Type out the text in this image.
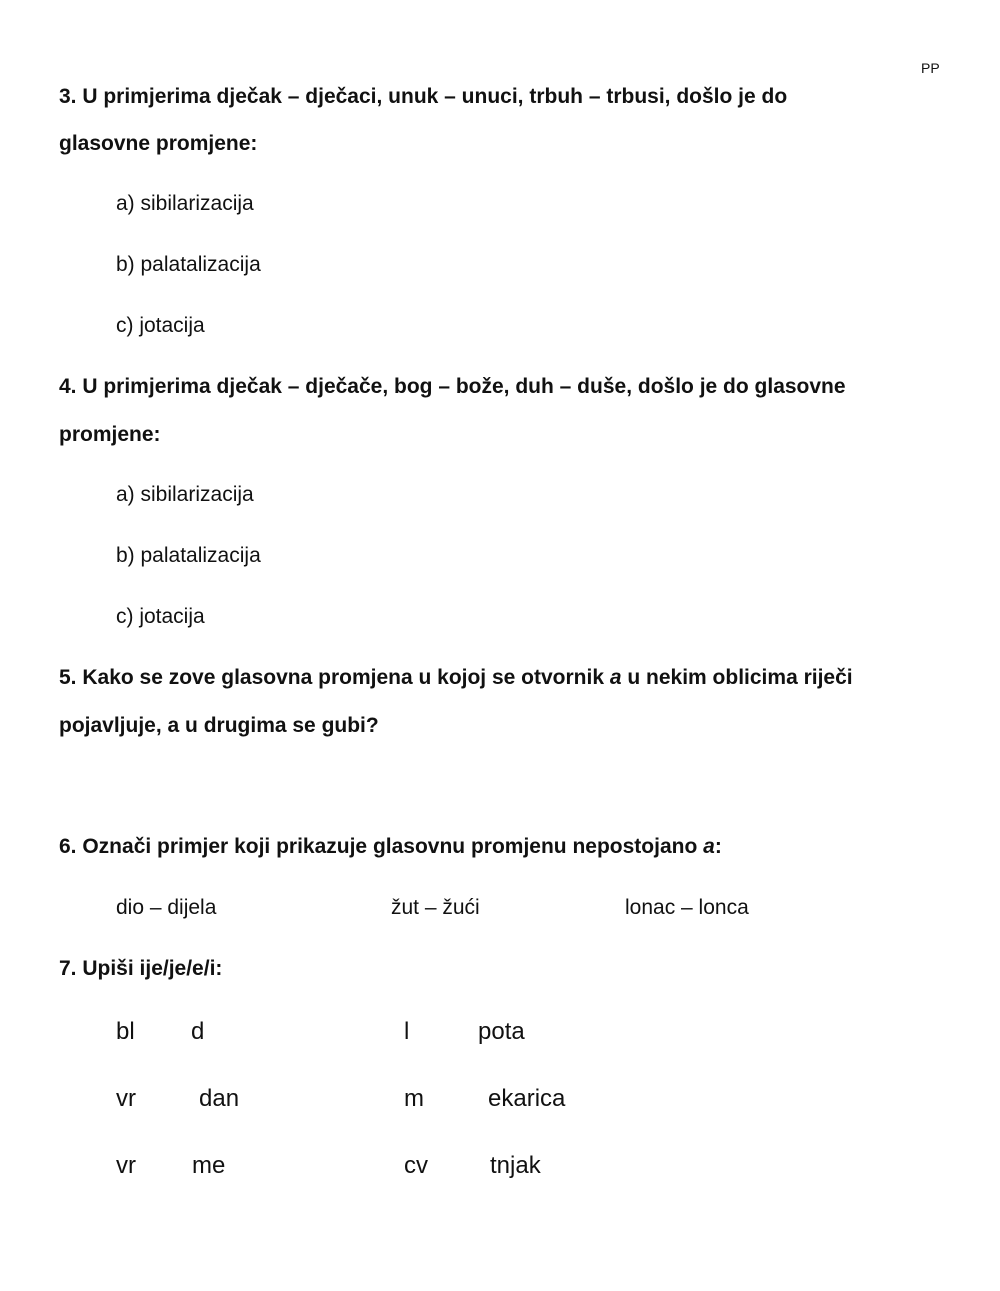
PP
3. U primjerima dječak – dječaci, unuk – unuci, trbuh – trbusi, došlo je do
glasovne promjene:
a) sibilarizacija
b) palatalizacija
c) jotacija
4. U primjerima dječak – dječače, bog – bože, duh – duše, došlo je do glasovne
promjene:
a) sibilarizacija
b) palatalizacija
c) jotacija
5. Kako se zove glasovna promjena u kojoj se otvornik a u nekim oblicima riječi
pojavljuje, a u drugima se gubi?
6. Označi primjer koji prikazuje glasovnu promjenu nepostojano a:
dio – dijela	žut – žući	lonac – lonca
7. Upiši ije/je/e/i:
bl d	l	pota
vr	dan	m	ekarica
vr me	cv	tnjak
